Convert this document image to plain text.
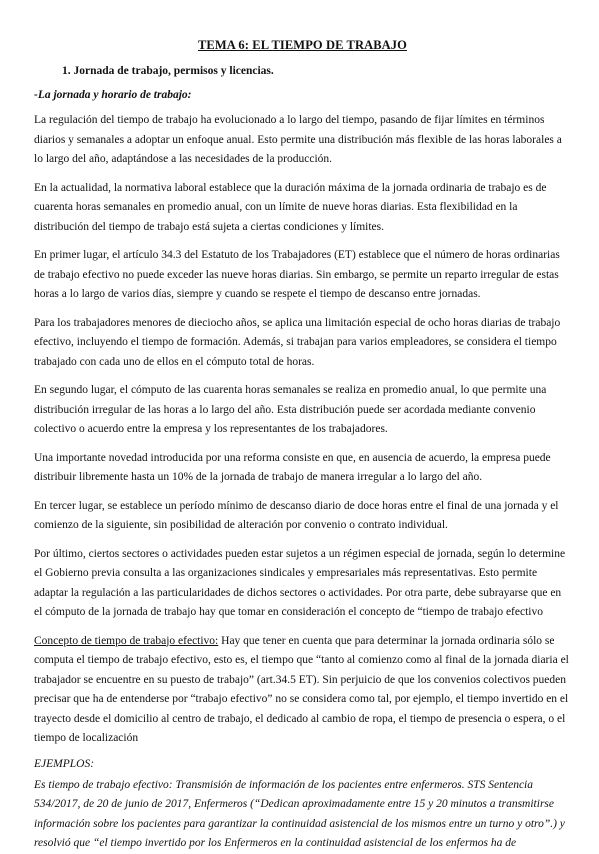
TEMA 6: EL TIEMPO DE TRABAJO
1. Jornada de trabajo, permisos y licencias.
-La jornada y horario de trabajo:

La regulación del tiempo de trabajo ha evolucionado a lo largo del tiempo, pasando de fijar límites en términos diarios y semanales a adoptar un enfoque anual. Esto permite una distribución más flexible de las horas laborales a lo largo del año, adaptándose a las necesidades de la producción.

En la actualidad, la normativa laboral establece que la duración máxima de la jornada ordinaria de trabajo es de cuarenta horas semanales en promedio anual, con un límite de nueve horas diarias. Esta flexibilidad en la distribución del tiempo de trabajo está sujeta a ciertas condiciones y límites.

En primer lugar, el artículo 34.3 del Estatuto de los Trabajadores (ET) establece que el número de horas ordinarias de trabajo efectivo no puede exceder las nueve horas diarias. Sin embargo, se permite un reparto irregular de estas horas a lo largo de varios días, siempre y cuando se respete el tiempo de descanso entre jornadas.

Para los trabajadores menores de dieciocho años, se aplica una limitación especial de ocho horas diarias de trabajo efectivo, incluyendo el tiempo de formación. Además, si trabajan para varios empleadores, se considera el tiempo trabajado con cada uno de ellos en el cómputo total de horas.

En segundo lugar, el cómputo de las cuarenta horas semanales se realiza en promedio anual, lo que permite una distribución irregular de las horas a lo largo del año. Esta distribución puede ser acordada mediante convenio colectivo o acuerdo entre la empresa y los representantes de los trabajadores.

Una importante novedad introducida por una reforma consiste en que, en ausencia de acuerdo, la empresa puede distribuir libremente hasta un 10% de la jornada de trabajo de manera irregular a lo largo del año.

En tercer lugar, se establece un período mínimo de descanso diario de doce horas entre el final de una jornada y el comienzo de la siguiente, sin posibilidad de alteración por convenio o contrato individual.

Por último, ciertos sectores o actividades pueden estar sujetos a un régimen especial de jornada, según lo determine el Gobierno previa consulta a las organizaciones sindicales y empresariales más representativas. Esto permite adaptar la regulación a las particularidades de dichos sectores o actividades. Por otra parte, debe subrayarse que en el cómputo de la jornada de trabajo hay que tomar en consideración el concepto de “tiempo de trabajo efectivo

Concepto de tiempo de trabajo efectivo: Hay que tener en cuenta que para determinar la jornada ordinaria sólo se computa el tiempo de trabajo efectivo, esto es, el tiempo que “tanto al comienzo como al final de la jornada diaria el trabajador se encuentre en su puesto de trabajo” (art.34.5 ET). Sin perjuicio de que los convenios colectivos pueden precisar que ha de entenderse por “trabajo efectivo” no se considera como tal, por ejemplo, el tiempo invertido en el trayecto desde el domicilio al centro de trabajo, el dedicado al cambio de ropa, el tiempo de presencia o espera, o el tiempo de localización

EJEMPLOS:

Es tiempo de trabajo efectivo: Transmisión de información de los pacientes entre enfermeros. STS Sentencia 534/2017, de 20 de junio de 2017, Enfermeros (“Dedican aproximadamente entre 15 y 20 minutos a transmitirse información sobre los pacientes para garantizar la continuidad asistencial de los mismos entre un turno y otro”.) y resolvió que “el tiempo invertido por los Enfermeros en la continuidad asistencial de los enfermos ha de
